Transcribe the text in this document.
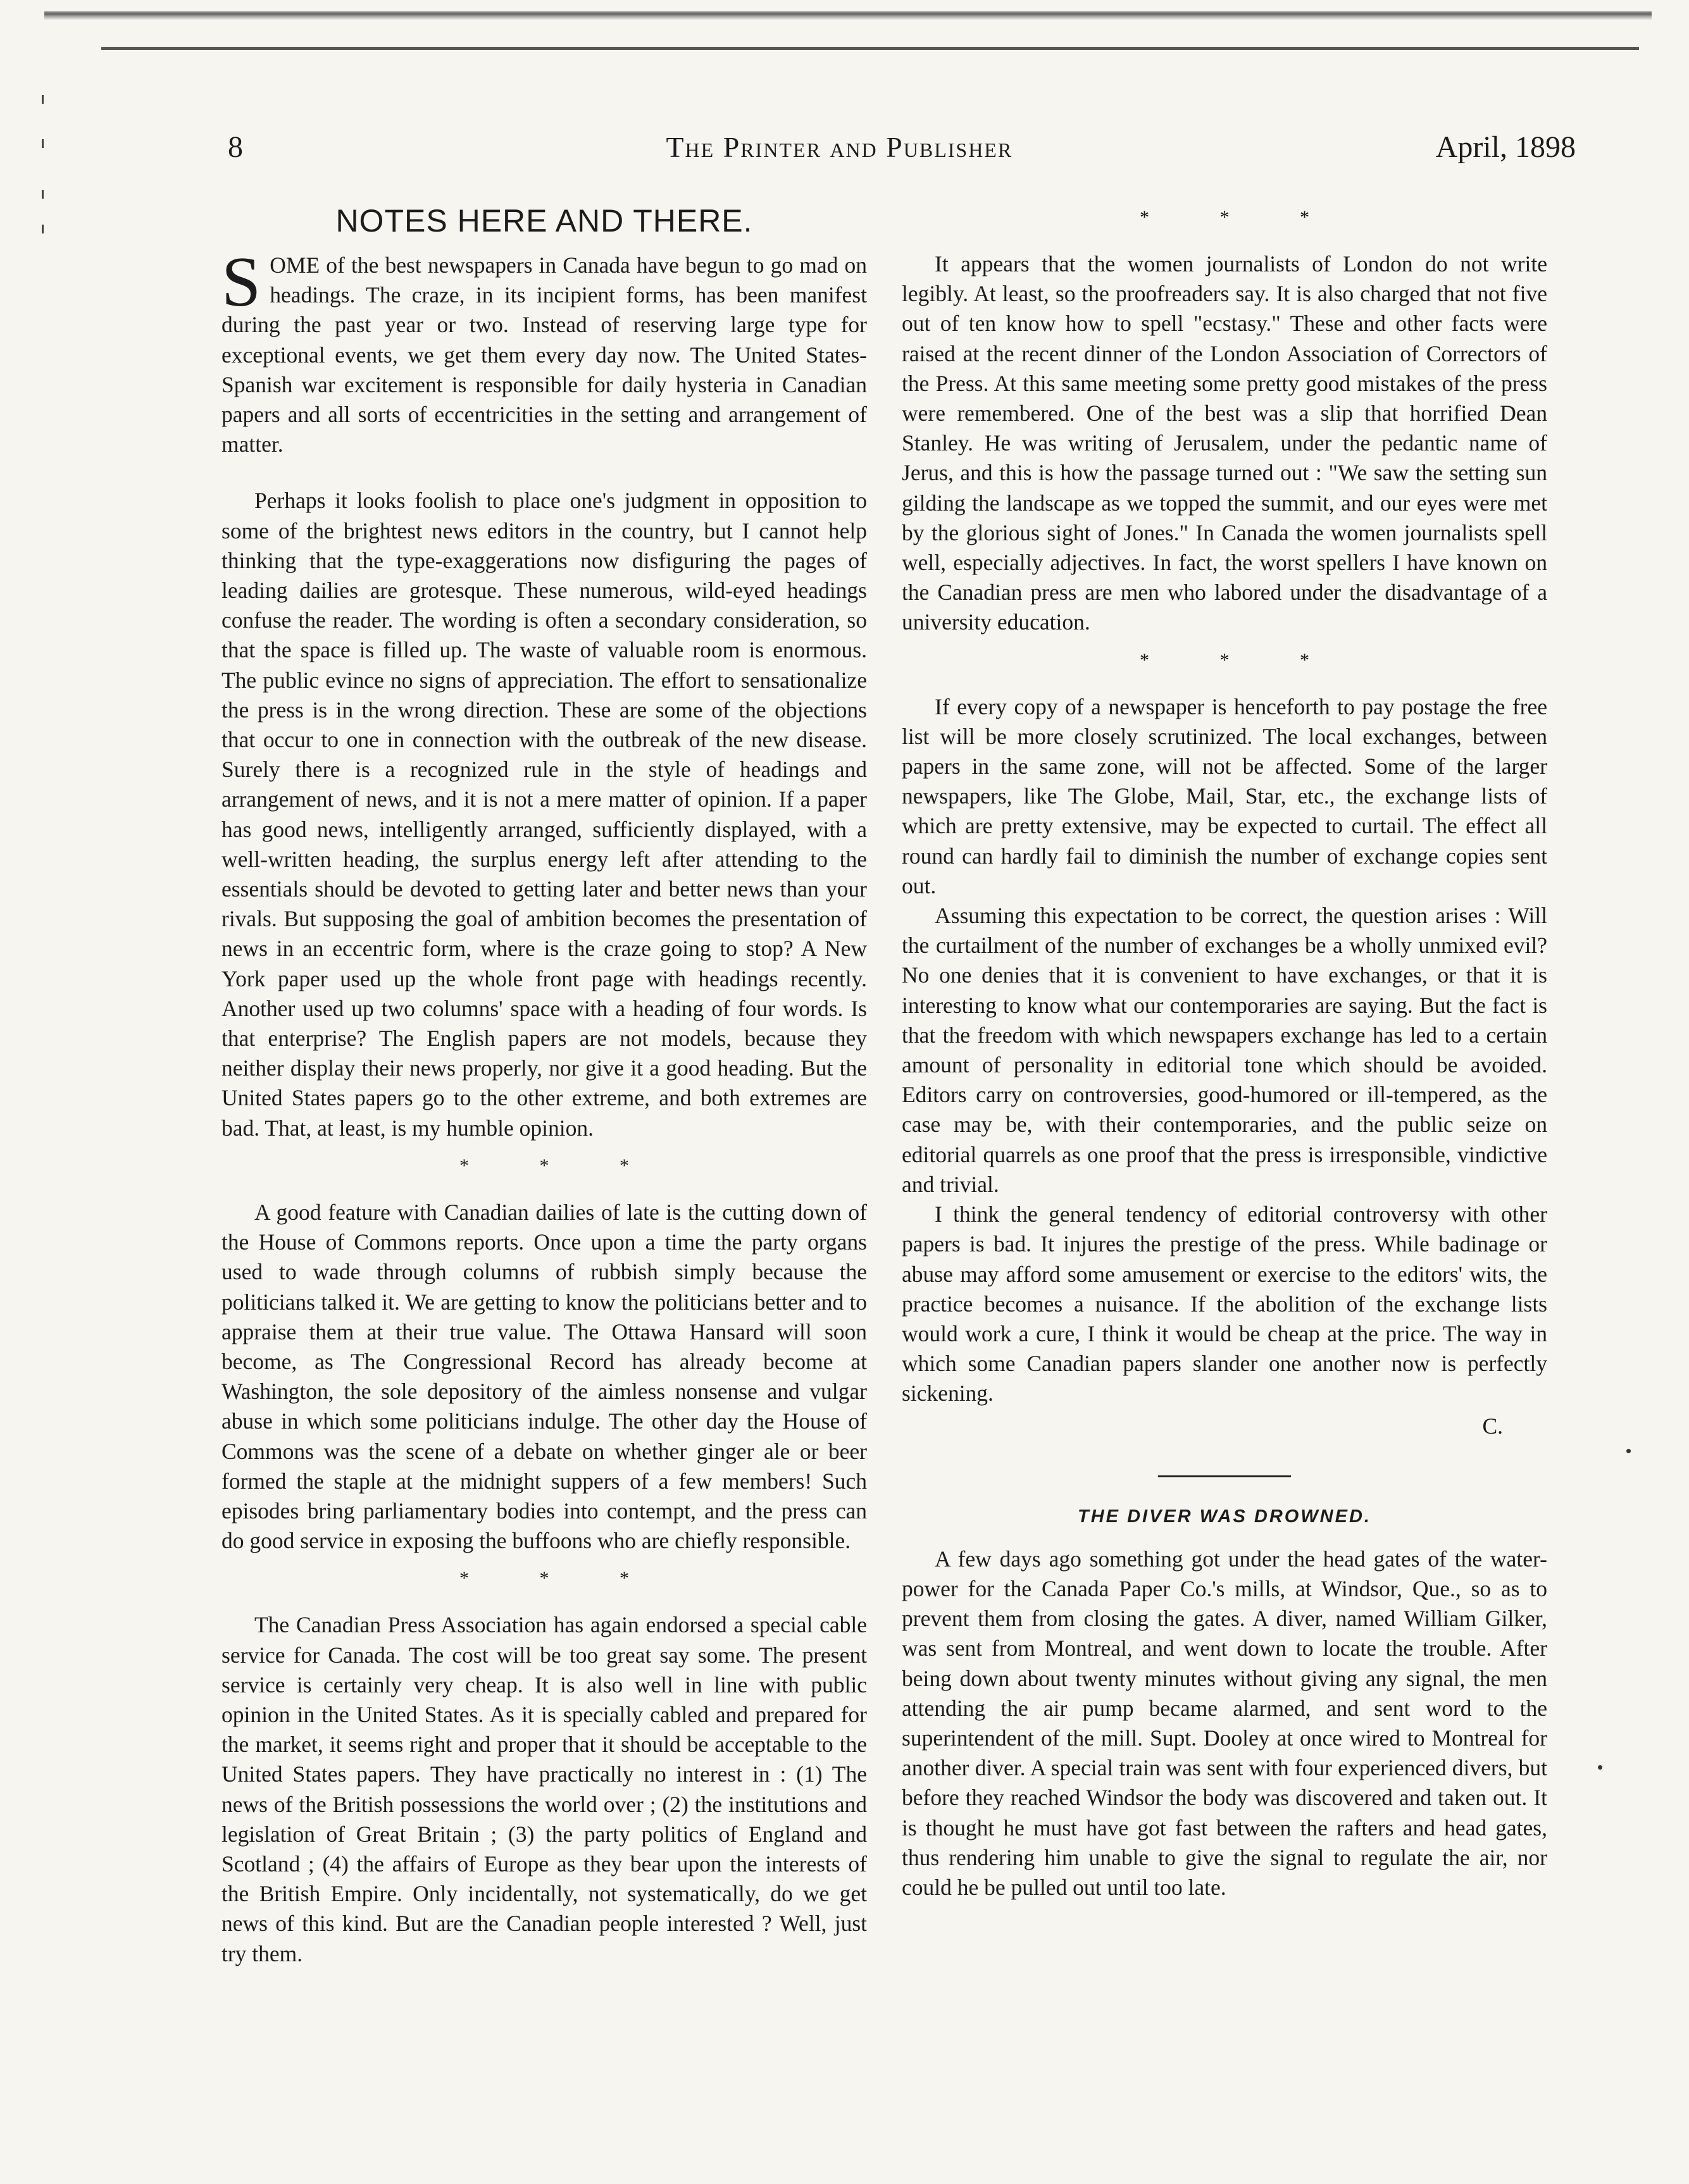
8	The Printer and Publisher	April, 1898
NOTES HERE AND THERE.

SOME of the best newspapers in Canada have begun to go mad on headings. The craze, in its incipient forms, has been manifest during the past year or two. Instead of reserving large type for exceptional events, we get them every day now. The United States-Spanish war excitement is responsible for daily hysteria in Canadian papers and all sorts of eccentricities in the setting and arrangement of matter.

Perhaps it looks foolish to place one's judgment in opposition to some of the brightest news editors in the country, but I cannot help thinking that the type-exaggerations now disfiguring the pages of leading dailies are grotesque. These numerous, wild-eyed headings confuse the reader. The wording is often a secondary consideration, so that the space is filled up. The waste of valuable room is enormous. The public evince no signs of appreciation. The effort to sensationalize the press is in the wrong direction. These are some of the objections that occur to one in connection with the outbreak of the new disease. Surely there is a recognized rule in the style of headings and arrangement of news, and it is not a mere matter of opinion. If a paper has good news, intelligently arranged, sufficiently displayed, with a well-written heading, the surplus energy left after attending to the essentials should be devoted to getting later and better news than your rivals. But supposing the goal of ambition becomes the presentation of news in an eccentric form, where is the craze going to stop? A New York paper used up the whole front page with headings recently. Another used up two columns' space with a heading of four words. Is that enterprise? The English papers are not models, because they neither display their news properly, nor give it a good heading. But the United States papers go to the other extreme, and both extremes are bad. That, at least, is my humble opinion.

* * *

A good feature with Canadian dailies of late is the cutting down of the House of Commons reports. Once upon a time the party organs used to wade through columns of rubbish simply because the politicians talked it. We are getting to know the politicians better and to appraise them at their true value. The Ottawa Hansard will soon become, as The Congressional Record has already become at Washington, the sole depository of the aimless nonsense and vulgar abuse in which some politicians indulge. The other day the House of Commons was the scene of a debate on whether ginger ale or beer formed the staple at the midnight suppers of a few members! Such episodes bring parliamentary bodies into contempt, and the press can do good service in exposing the buffoons who are chiefly responsible.

* * *

The Canadian Press Association has again endorsed a special cable service for Canada. The cost will be too great say some. The present service is certainly very cheap. It is also well in line with public opinion in the United States. As it is specially cabled and prepared for the market, it seems right and proper that it should be acceptable to the United States papers. They have practically no interest in : (1) The news of the British possessions the world over ; (2) the institutions and legislation of Great Britain ; (3) the party politics of England and Scotland ; (4) the affairs of Europe as they bear upon the interests of the British Empire. Only incidentally, not systematically, do we get news of this kind. But are the Canadian people interested ? Well, just try them.

* * *

It appears that the women journalists of London do not write legibly. At least, so the proofreaders say. It is also charged that not five out of ten know how to spell "ecstasy." These and other facts were raised at the recent dinner of the London Association of Correctors of the Press. At this same meeting some pretty good mistakes of the press were remembered. One of the best was a slip that horrified Dean Stanley. He was writing of Jerusalem, under the pedantic name of Jerus, and this is how the passage turned out : "We saw the setting sun gilding the landscape as we topped the summit, and our eyes were met by the glorious sight of Jones." In Canada the women journalists spell well, especially adjectives. In fact, the worst spellers I have known on the Canadian press are men who labored under the disadvantage of a university education.

* * *

If every copy of a newspaper is henceforth to pay postage the free list will be more closely scrutinized. The local exchanges, between papers in the same zone, will not be affected. Some of the larger newspapers, like The Globe, Mail, Star, etc., the exchange lists of which are pretty extensive, may be expected to curtail. The effect all round can hardly fail to diminish the number of exchange copies sent out.

Assuming this expectation to be correct, the question arises : Will the curtailment of the number of exchanges be a wholly unmixed evil? No one denies that it is convenient to have exchanges, or that it is interesting to know what our contemporaries are saying. But the fact is that the freedom with which newspapers exchange has led to a certain amount of personality in editorial tone which should be avoided. Editors carry on controversies, good-humored or ill-tempered, as the case may be, with their contemporaries, and the public seize on editorial quarrels as one proof that the press is irresponsible, vindictive and trivial.

I think the general tendency of editorial controversy with other papers is bad. It injures the prestige of the press. While badinage or abuse may afford some amusement or exercise to the editors' wits, the practice becomes a nuisance. If the abolition of the exchange lists would work a cure, I think it would be cheap at the price. The way in which some Canadian papers slander one another now is perfectly sickening.

C.
THE DIVER WAS DROWNED.

A few days ago something got under the head gates of the water-power for the Canada Paper Co.'s mills, at Windsor, Que., so as to prevent them from closing the gates. A diver, named William Gilker, was sent from Montreal, and went down to locate the trouble. After being down about twenty minutes without giving any signal, the men attending the air pump became alarmed, and sent word to the superintendent of the mill. Supt. Dooley at once wired to Montreal for another diver. A special train was sent with four experienced divers, but before they reached Windsor the body was discovered and taken out. It is thought he must have got fast between the rafters and head gates, thus rendering him unable to give the signal to regulate the air, nor could he be pulled out until too late.
